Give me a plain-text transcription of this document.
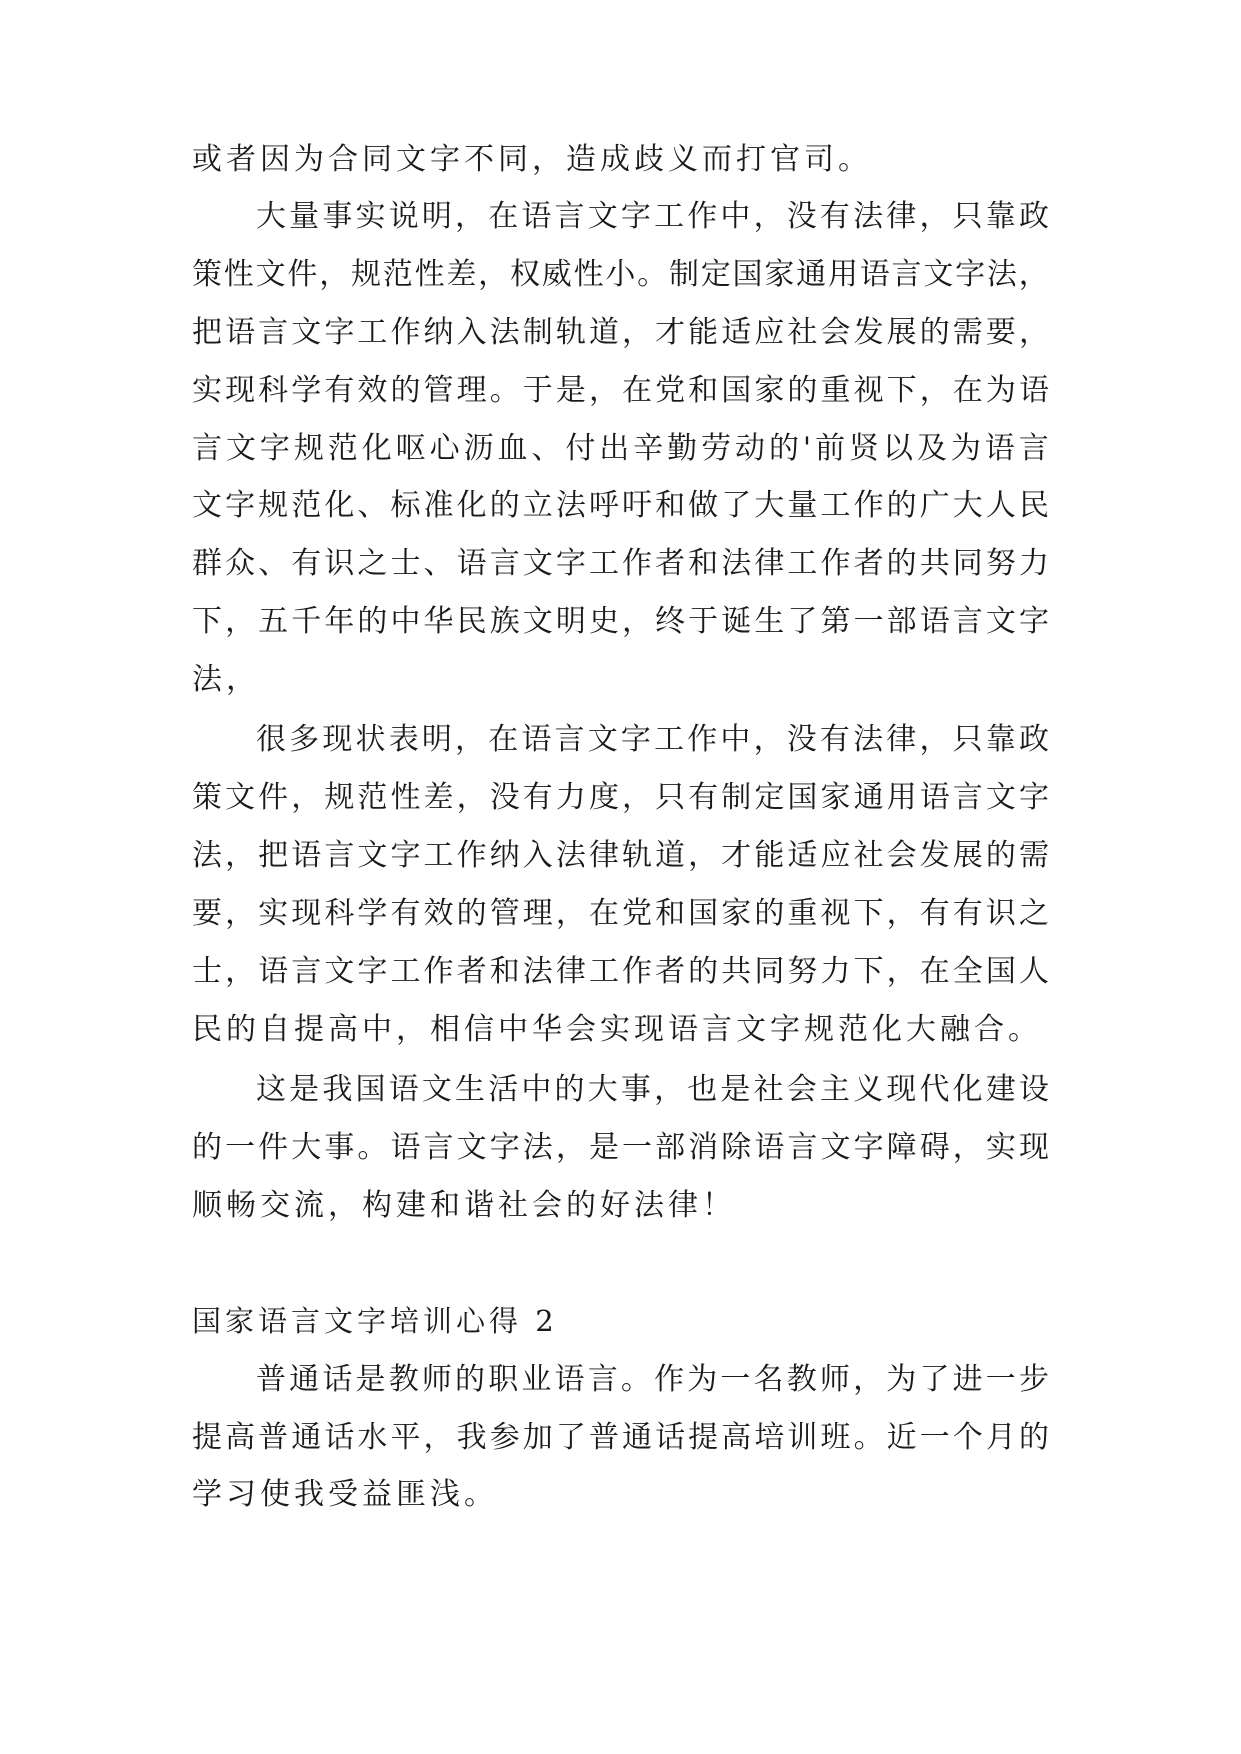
或者因为合同文字不同，造成歧义而打官司。
大 量 事 实 说 明 ， 在 语 言 文 字 工 作 中 ， 没 有 法 律 ， 只 靠 政
策 性 文 件 ， 规 范 性 差 ， 权 威 性 小 。 制 定 国 家 通 用 语 言 文 字 法 ，
把 语 言 文 字 工 作 纳 入 法 制 轨 道 ， 才 能 适 应 社 会 发 展 的 需 要 ，
实 现 科 学 有 效 的 管 理 。 于 是 ， 在 党 和 国 家 的 重 视 下 ， 在 为 语
言 文 字 规 范 化 呕 心 沥 血 、 付 出 辛 勤 劳 动 的 ' 前 贤 以 及 为 语 言
文 字 规 范 化 、 标 准 化 的 立 法 呼 吁 和 做 了 大 量 工 作 的 广 大 人 民
群 众 、 有 识 之 士 、 语 言 文 字 工 作 者 和 法 律 工 作 者 的 共 同 努 力
下 ， 五 千 年 的 中 华 民 族 文 明 史 ， 终 于 诞 生 了 第 一 部 语 言 文 字
法，
很 多 现 状 表 明 ， 在 语 言 文 字 工 作 中 ， 没 有 法 律 ， 只 靠 政
策 文 件 ， 规 范 性 差 ， 没 有 力 度 ， 只 有 制 定 国 家 通 用 语 言 文 字
法 ， 把 语 言 文 字 工 作 纳 入 法 律 轨 道 ， 才 能 适 应 社 会 发 展 的 需
要 ， 实 现 科 学 有 效 的 管 理 ， 在 党 和 国 家 的 重 视 下 ， 有 有 识 之
士 ， 语 言 文 字 工 作 者 和 法 律 工 作 者 的 共 同 努 力 下 ， 在 全 国 人
民的自提高中，相信中华会实现语言文字规范化大融合。
这 是 我 国 语 文 生 活 中 的 大 事 ， 也 是 社 会 主 义 现 代 化 建 设
的 一 件 大 事 。 语 言 文 字 法 ， 是 一 部 消 除 语 言 文 字 障 碍 ， 实 现
顺畅交流，构建和谐社会的好法律！
国家语言文字培训心得 2
普 通 话 是 教 师 的 职 业 语 言 。 作 为 一 名 教 师 ， 为 了 进 一 步
提 高 普 通 话 水 平 ， 我 参 加 了 普 通 话 提 高 培 训 班 。 近 一 个 月 的
学习使我受益匪浅。
